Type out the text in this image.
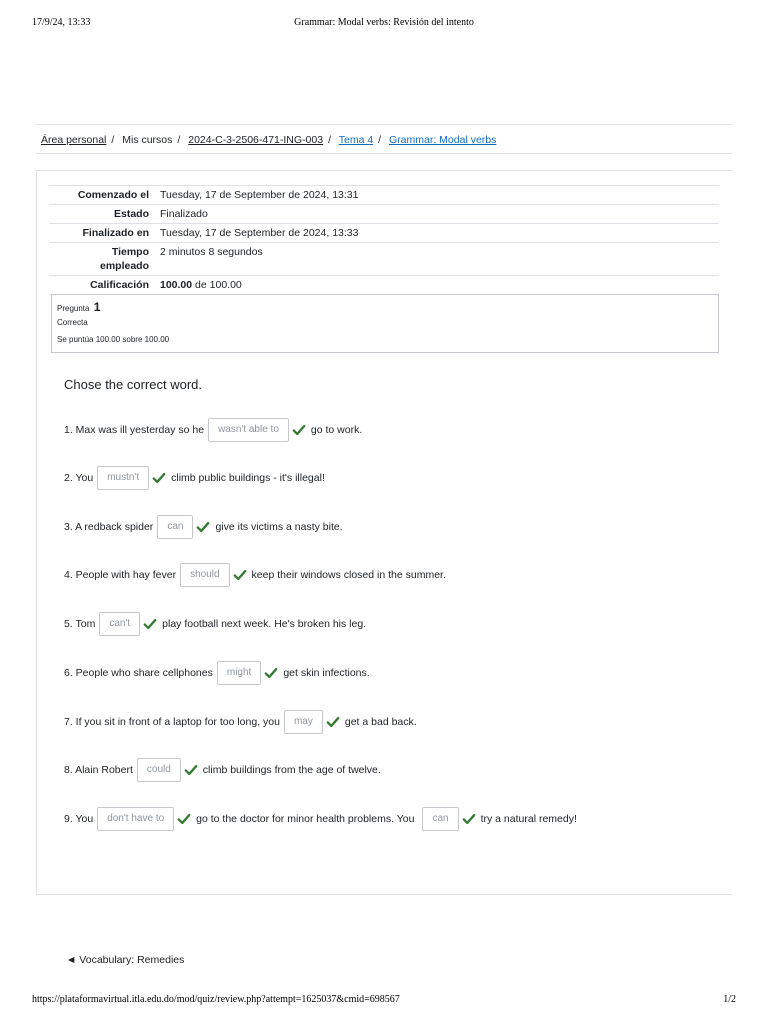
17/9/24, 13:33	Grammar: Modal verbs: Revisión del intento
Área personal / Mis cursos / 2024-C-3-2506-471-ING-003 / Tema 4 / Grammar: Modal verbs
Comenzado el	Tuesday, 17 de September de 2024, 13:31
Estado	Finalizado
Finalizado en	Tuesday, 17 de September de 2024, 13:33
Tiempo empleado	2 minutos 8 segundos
Calificación	100.00 de 100.00
Pregunta 1
Correcta
Se puntúa 100.00 sobre 100.00
Chose the correct word.
1. Max was ill yesterday so he	wasn't able to	go to work.
2. You	mustn't	climb public buildings - it's illegal!
3. A redback spider	can	give its victims a nasty bite.
4. People with hay fever	should	keep their windows closed in the summer.
5. Tom	can't	play football next week. He's broken his leg.
6. People who share cellphones	might	get skin infections.
7. If you sit in front of a laptop for too long, you	may	get a bad back.
8. Alain Robert	could	climb buildings from the age of twelve.
9. You	don't have to	go to the doctor for minor health problems. You	can	try a natural remedy!
◄ Vocabulary: Remedies
https://plataformavirtual.itla.edu.do/mod/quiz/review.php?attempt=1625037&cmid=698567	1/2
